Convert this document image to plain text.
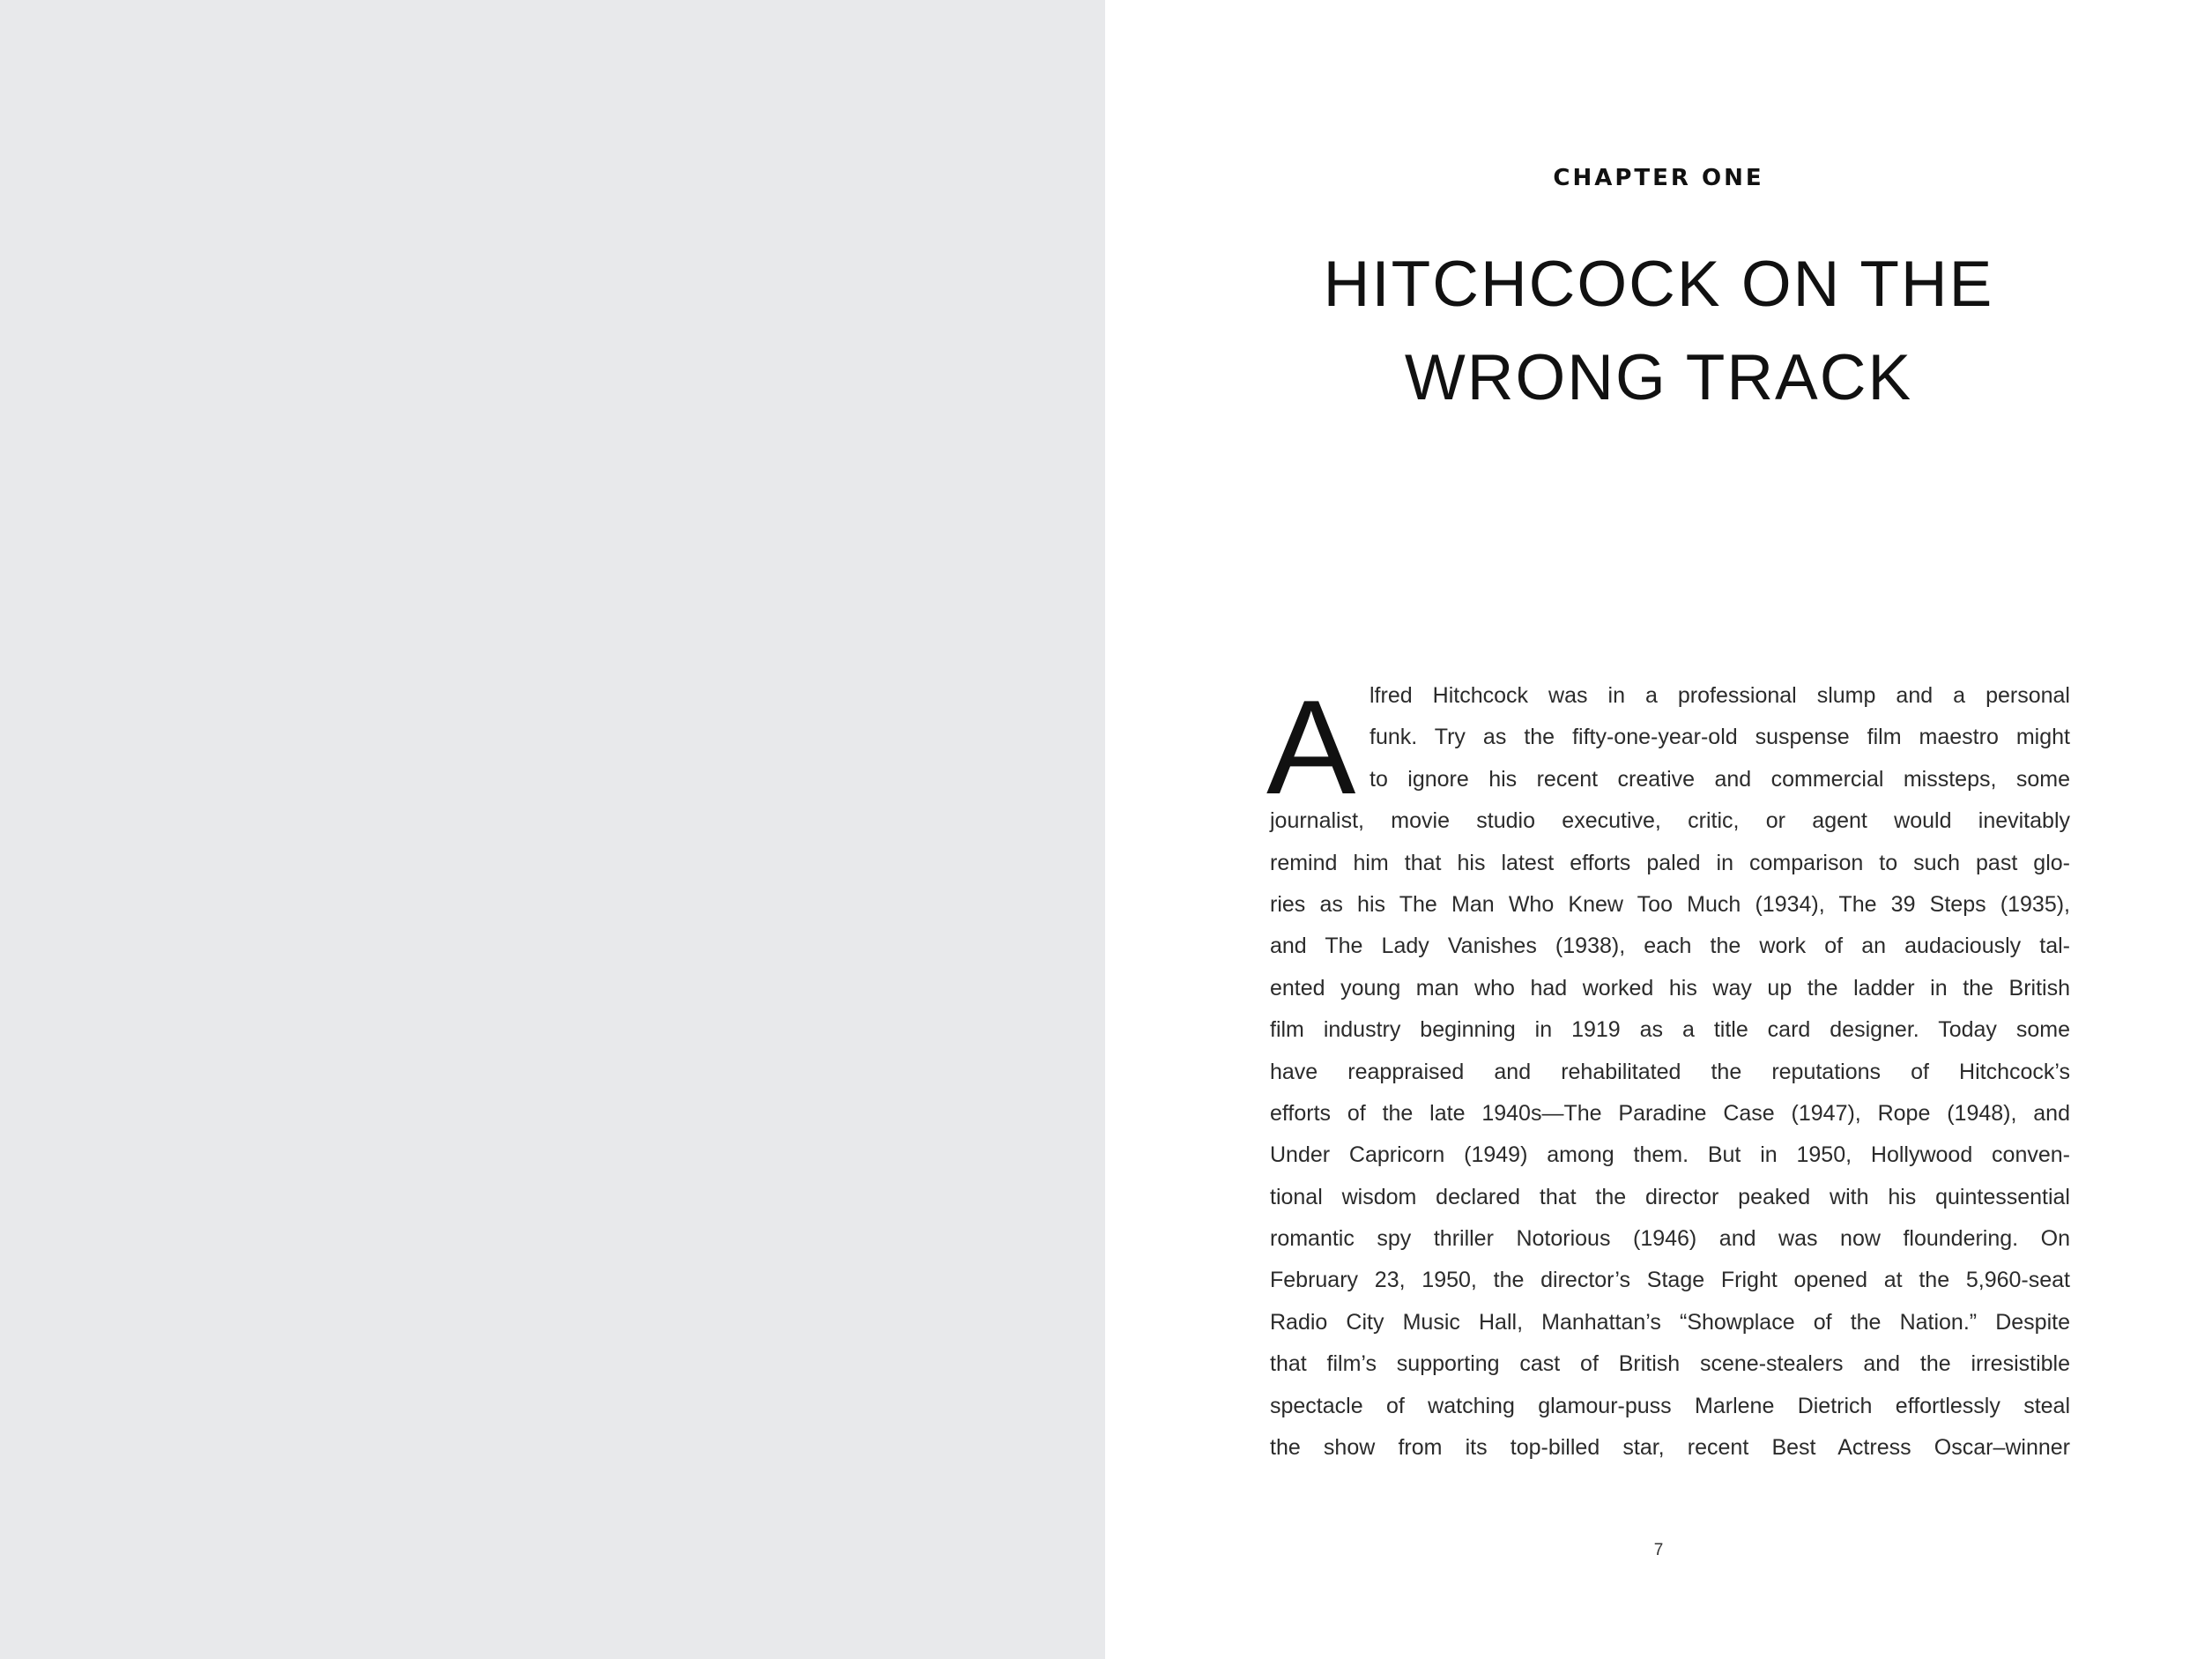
CHAPTER ONE
HITCHCOCK ON THE
WRONG TRACK
A lfred Hitchcock was in a professional slump and a personal
funk. Try as the fifty-one-year-old suspense film maestro might
to ignore his recent creative and commercial missteps, some
journalist, movie studio executive, critic, or agent would inevitably
remind him that his latest efforts paled in comparison to such past glo-
ries as his The Man Who Knew Too Much (1934), The 39 Steps (1935),
and The Lady Vanishes (1938), each the work of an audaciously tal-
ented young man who had worked his way up the ladder in the British
film industry beginning in 1919 as a title card designer. Today some
have reappraised and rehabilitated the reputations of Hitchcock’s
efforts of the late 1940s—The Paradine Case (1947), Rope (1948), and
Under Capricorn (1949) among them. But in 1950, Hollywood conven-
tional wisdom declared that the director peaked with his quintessential
romantic spy thriller Notorious (1946) and was now floundering. On
February 23, 1950, the director’s Stage Fright opened at the 5,960-seat
Radio City Music Hall, Manhattan’s “Showplace of the Nation.” Despite
that film’s supporting cast of British scene-stealers and the irresistible
spectacle of watching glamour-puss Marlene Dietrich effortlessly steal
the show from its top-billed star, recent Best Actress Oscar–winner
7
